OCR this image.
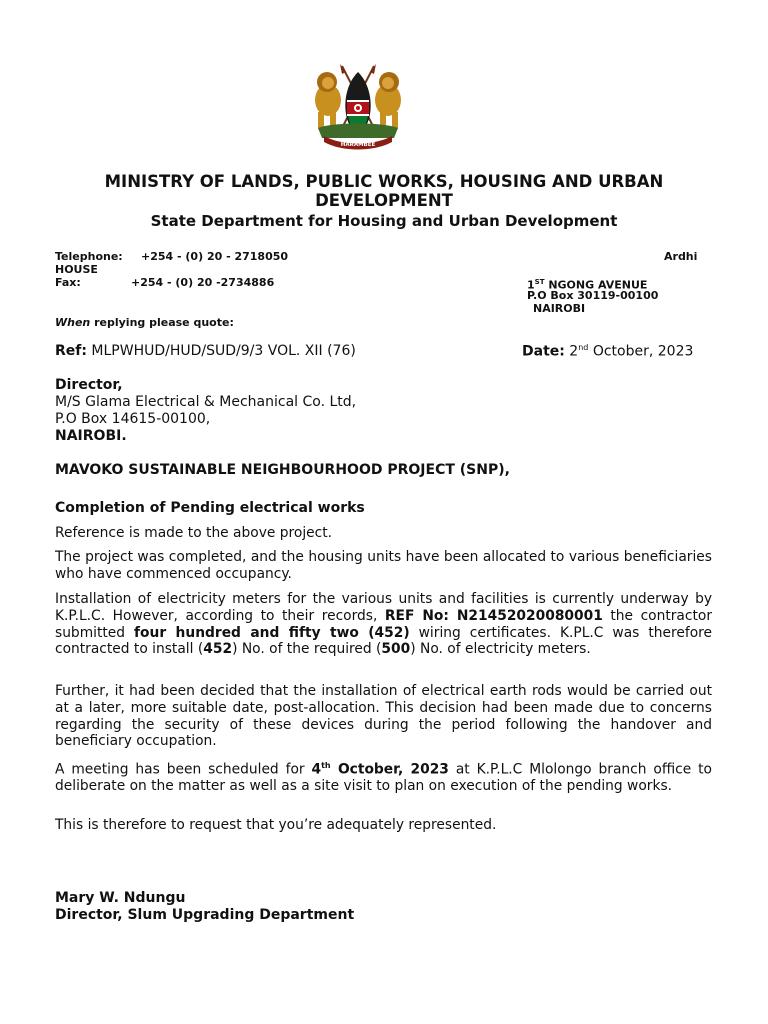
HARAMBEE
MINISTRY OF LANDS, PUBLIC WORKS, HOUSING AND URBAN DEVELOPMENT
State Department for Housing and Urban Development
Telephone: +254 - (0) 20 - 2718050	Ardhi
HOUSE
Fax:	+254 - (0) 20 -2734886	1ST NGONG AVENUE
P.O Box 30119-00100
NAIROBI
When replying please quote:
Ref: MLPWHUD/HUD/SUD/9/3 VOL. XII (76)	Date: 2nd October, 2023
Director,
M/S Glama Electrical & Mechanical Co. Ltd,
P.O Box 14615-00100,
NAIROBI.
MAVOKO SUSTAINABLE NEIGHBOURHOOD PROJECT (SNP),
Completion of Pending electrical works

Reference is made to the above project.

The project was completed, and the housing units have been allocated to various beneficiaries who have commenced occupancy.

Installation of electricity meters for the various units and facilities is currently underway by K.P.L.C. However, according to their records, REF No: N21452020080001 the contractor submitted four hundred and fifty two (452) wiring certificates. K.PL.C was therefore contracted to install (452) No. of the required (500) No. of electricity meters.

Further, it had been decided that the installation of electrical earth rods would be carried out at a later, more suitable date, post-allocation. This decision had been made due to concerns regarding the security of these devices during the period following the handover and beneficiary occupation.

A meeting has been scheduled for 4th October, 2023 at K.P.L.C Mlolongo branch office to deliberate on the matter as well as a site visit to plan on execution of the pending works.

This is therefore to request that you’re adequately represented.

Mary W. Ndungu
Director, Slum Upgrading Department
